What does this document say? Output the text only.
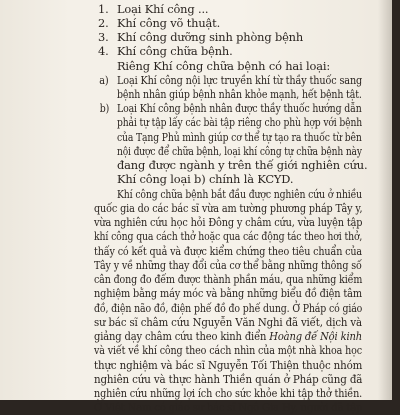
1. Loại Khí công ...
2. Khí công võ thuật.
3. Khí công dưỡng sinh phòng bệnh
4. Khí công chữa bệnh.
Riêng Khí công chữa bệnh có hai loại:
a) Loại Khí công nội lực truyền khí từ thầy thuốc sang
bệnh nhân giúp bệnh nhân khỏe mạnh, hết bệnh tật.
b) Loại Khí công bệnh nhân được thầy thuốc hướng dẫn
phải tự tập lấy các bài tập riêng cho phù hợp với bệnh
của Tạng Phủ mình giúp cơ thể tự tạo ra thuốc từ bên
nội được để chữa bệnh, loại khí công tự chữa bệnh này
đang được ngành y trên thế giới nghiên cứu.
Khí công loại b) chính là KCYD.
Khí công chữa bệnh bắt đầu được nghiên cứu ở nhiều
quốc gia do các bác sĩ vừa am tường phương pháp Tây y,
vừa nghiên cứu học hỏi Đông y châm cứu, vừa luyện tập
khí công qua cách thở hoặc qua các động tác theo hơi thở,
thấy có kết quả và được kiểm chứng theo tiêu chuẩn của
Tây y về những thay đổi của cơ thể bằng những thông số
cân đong đo đếm được thành phần máu, qua những kiểm
nghiệm bằng máy móc và bằng những biểu đồ điện tâm
đồ, điện não đồ, điện phế đồ đo phế dung. Ở Pháp có giáo
sư bác sĩ châm cứu Nguyễn Văn Nghi đã viết, dịch và
giảng dạy châm cứu theo kinh điển Hoàng đế Nội kinh
và viết về khí công theo cách nhìn của một nhà khoa học
thực nghiệm và bác sĩ Nguyễn Tối Thiện thuộc nhóm
nghiên cứu và thực hành Thiền quán ở Pháp cũng đã
nghiên cứu những lợi ích cho sức khỏe khi tập thở thiền.
Ở Việt Nam có giáo sư bác sĩ Ngô Gia Hy, người đã tập
